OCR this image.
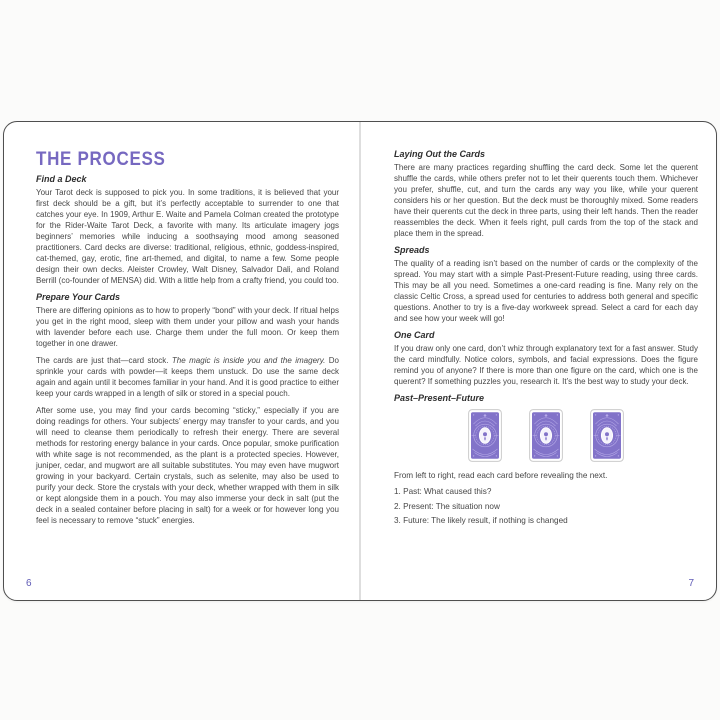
THE PROCESS
Find a Deck

Your Tarot deck is supposed to pick you. In some traditions, it is believed that your first deck should be a gift, but it’s perfectly acceptable to surrender to one that catches your eye. In 1909, Arthur E. Waite and Pamela Colman created the prototype for the Rider-Waite Tarot Deck, a favorite with many. Its articulate imagery jogs beginners’ memories while inducing a soothsaying mood among seasoned practitioners. Card decks are diverse: traditional, religious, ethnic, goddess-inspired, cat-themed, gay, erotic, fine art-themed, and digital, to name a few. Some people design their own decks. Aleister Crowley, Walt Disney, Salvador Dali, and Roland Berrill (co-founder of MENSA) did. With a little help from a crafty friend, you could too.

Prepare Your Cards

There are differing opinions as to how to properly “bond” with your deck. If ritual helps you get in the right mood, sleep with them under your pillow and wash your hands with lavender before each use. Charge them under the full moon. Or keep them together in one drawer.

The cards are just that—card stock. The magic is inside you and the imagery. Do sprinkle your cards with powder—it keeps them unstuck. Do use the same deck again and again until it becomes familiar in your hand. And it is good practice to either keep your cards wrapped in a length of silk or stored in a special pouch.

After some use, you may find your cards becoming “sticky,” especially if you are doing readings for others. Your subjects’ energy may transfer to your cards, and you will need to cleanse them periodically to refresh their energy. There are several methods for restoring energy balance in your cards. Once popular, smoke purification with white sage is not recommended, as the plant is a protected species. However, juniper, cedar, and mugwort are all suitable substitutes. You may even have mugwort growing in your backyard. Certain crystals, such as selenite, may also be used to purify your deck. Store the crystals with your deck, whether wrapped with them in silk or kept alongside them in a pouch. You may also immerse your deck in salt (put the deck in a sealed container before placing in salt) for a week or for however long you feel is necessary to remove “stuck” energies.

6
Laying Out the Cards

There are many practices regarding shuffling the card deck. Some let the querent shuffle the cards, while others prefer not to let their querents touch them. Whichever you prefer, shuffle, cut, and turn the cards any way you like, while your querent considers his or her question. But the deck must be thoroughly mixed. Some readers have their querents cut the deck in three parts, using their left hands. Then the reader reassembles the deck. When it feels right, pull cards from the top of the stack and place them in the spread.

Spreads

The quality of a reading isn’t based on the number of cards or the complexity of the spread. You may start with a simple Past-Present-Future reading, using three cards. This may be all you need. Sometimes a one-card reading is fine. Many rely on the classic Celtic Cross, a spread used for centuries to address both general and specific questions. Another to try is a five-day workweek spread. Select a card for each day and see how your week will go!

One Card

If you draw only one card, don’t whiz through explanatory text for a fast answer. Study the card mindfully. Notice colors, symbols, and facial expressions. Does the figure remind you of anyone? If there is more than one figure on the card, which one is the querent? If something puzzles you, research it. It’s the best way to study your deck.

Past–Present–Future

From left to right, read each card before revealing the next.

1. Past: What caused this?
2. Present: The situation now
3. Future: The likely result, if nothing is changed
7
